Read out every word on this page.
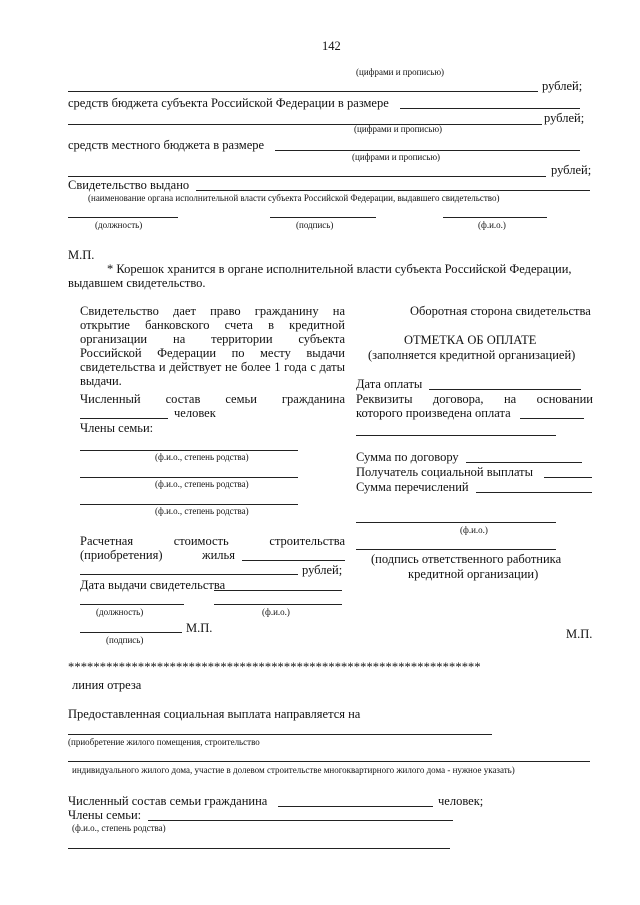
142
(цифрами и прописью)
рублей;
средств бюджета субъекта Российской Федерации в размере
рублей;
(цифрами и прописью)
средств местного бюджета в размере
(цифрами и прописью)
рублей;
Свидетельство выдано
(наименование органа исполнительной власти субъекта Российской Федерации, выдавшего свидетельство)
(должность)	(подпись)	(ф.и.о.)
М.П.
* Корешок хранится в органе исполнительной власти субъекта Российской Федерации,
выдавшем свидетельство.
Свидетельство дает право гражданину на
открытие банковского счета в кредитной
организации на территории субъекта
Российской Федерации по месту выдачи
свидетельства и действует не более 1 года с даты
выдачи.
Численный состав семьи гражданина
человек
Члены семьи:
(ф.и.о., степень родства)
(ф.и.о., степень родства)
(ф.и.о., степень родства)
Расчетная стоимость строительства
(приобретения) жилья
рублей;
Дата выдачи свидетельства
(должность)	(ф.и.о.)
М.П.
(подпись)
Оборотная сторона свидетельства
ОТМЕТКА ОБ ОПЛАТЕ
(заполняется кредитной организацией)
Дата оплаты
Реквизиты договора, на основании
которого произведена оплата
Сумма по договору
Получатель социальной выплаты
Сумма перечислений
(ф.и.о.)
(подпись ответственного работника
кредитной организации)
М.П.
*****************************************************************
линия отреза
Предоставленная социальная выплата направляется на
(приобретение жилого помещения, строительство
индивидуального жилого дома, участие в долевом строительстве многоквартирного жилого дома - нужное указать)
Численный состав семьи гражданина	человек;
Члены семьи:
(ф.и.о., степень родства)
